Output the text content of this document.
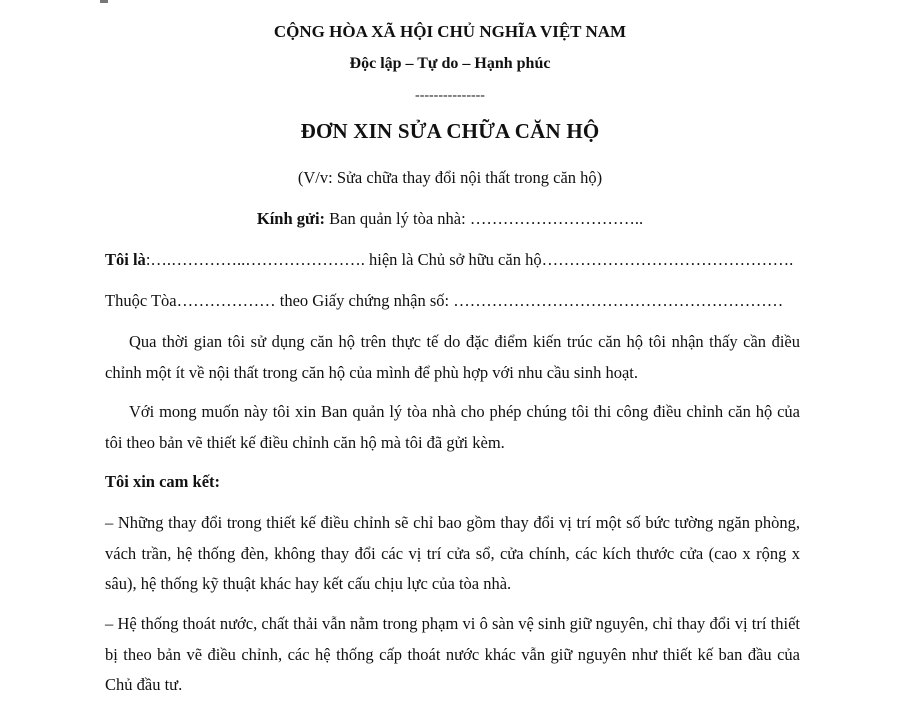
CỘNG HÒA XÃ HỘI CHỦ NGHĨA VIỆT NAM
Độc lập – Tự do – Hạnh phúc
---------------
ĐƠN XIN SỬA CHỮA CĂN HỘ
(V/v: Sửa chữa thay đổi nội thất trong căn hộ)
Kính gửi: Ban quản lý tòa nhà: …………………………..
Tôi là:….…………..…………………. hiện là Chủ sở hữu căn hộ……………………………………….
Thuộc Tòa……………… theo Giấy chứng nhận số: ……………………………………………………

Qua thời gian tôi sử dụng căn hộ trên thực tế do đặc điểm kiến trúc căn hộ tôi nhận thấy cần điều chỉnh một ít về nội thất trong căn hộ của mình để phù hợp với nhu cầu sinh hoạt.

Với mong muốn này tôi xin Ban quản lý tòa nhà cho phép chúng tôi thi công điều chỉnh căn hộ của tôi theo bản vẽ thiết kế điều chỉnh căn hộ mà tôi đã gửi kèm.

Tôi xin cam kết:

– Những thay đổi trong thiết kế điều chỉnh sẽ chỉ bao gồm thay đổi vị trí một số bức tường ngăn phòng, vách trần, hệ thống đèn, không thay đổi các vị trí cửa sổ, cửa chính, các kích thước cửa (cao x rộng x sâu), hệ thống kỹ thuật khác hay kết cấu chịu lực của tòa nhà.

– Hệ thống thoát nước, chất thải vẫn nằm trong phạm vi ô sàn vệ sinh giữ nguyên, chỉ thay đổi vị trí thiết bị theo bản vẽ điều chỉnh, các hệ thống cấp thoát nước khác vẫn giữ nguyên như thiết kế ban đầu của Chủ đầu tư.
